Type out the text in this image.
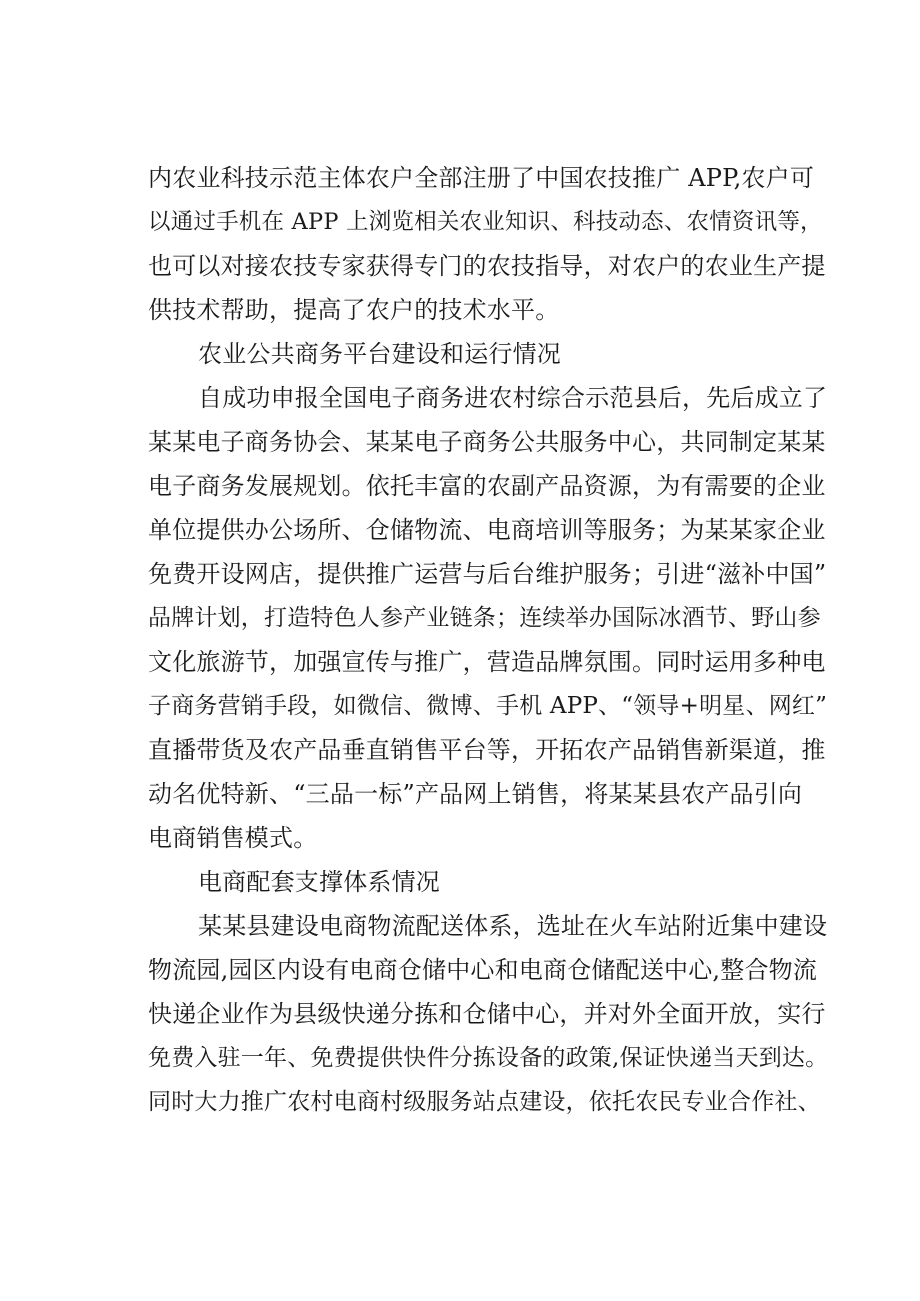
内农业科技示范主体农户全部注册了中国农技推广 APP,农户可
以通过手机在 APP 上浏览相关农业知识、科技动态、农情资讯等，
也可以对接农技专家获得专门的农技指导，对农户的农业生产提
供技术帮助，提高了农户的技术水平。
农业公共商务平台建设和运行情况
自成功申报全国电子商务进农村综合示范县后，先后成立了
某某电子商务协会、某某电子商务公共服务中心，共同制定某某
电子商务发展规划。依托丰富的农副产品资源，为有需要的企业
单位提供办公场所、仓储物流、电商培训等服务；为某某家企业
免费开设网店，提供推广运营与后台维护服务；引进“滋补中国”
品牌计划，打造特色人参产业链条；连续举办国际冰酒节、野山参
文化旅游节，加强宣传与推广，营造品牌氛围。同时运用多种电
子商务营销手段，如微信、微博、手机 APP、“领导+明星、网红”
直播带货及农产品垂直销售平台等，开拓农产品销售新渠道，推
动名优特新、“三品一标”产品网上销售，将某某县农产品引向
电商销售模式。
电商配套支撑体系情况
某某县建设电商物流配送体系，选址在火车站附近集中建设
物流园,园区内设有电商仓储中心和电商仓储配送中心,整合物流
快递企业作为县级快递分拣和仓储中心，并对外全面开放，实行
免费入驻一年、免费提供快件分拣设备的政策,保证快递当天到达。
同时大力推广农村电商村级服务站点建设，依托农民专业合作社、
